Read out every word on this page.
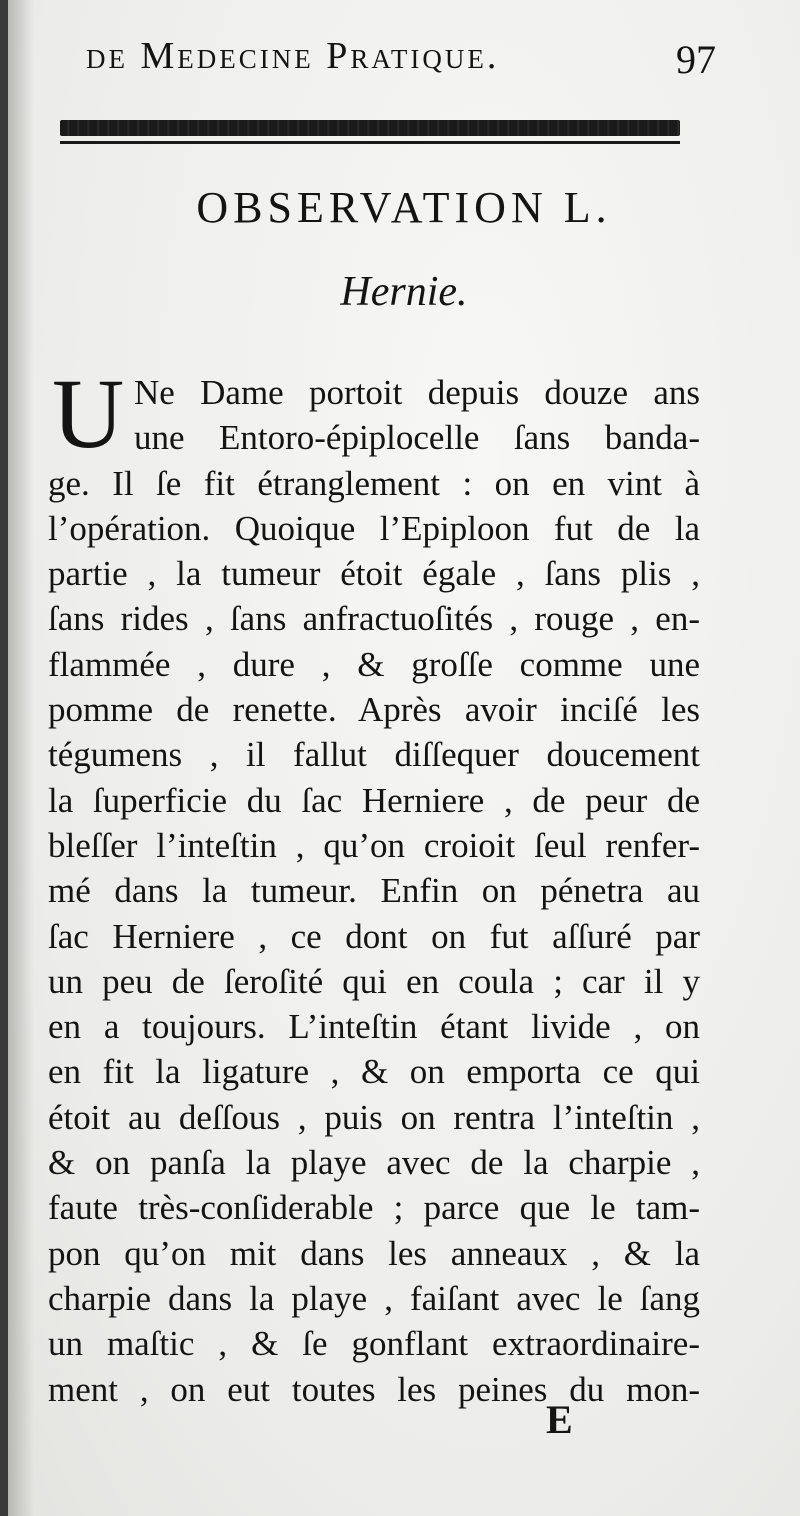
de Medecine Pratique.	97
OBSERVATION L.
Hernie.
U Ne Dame portoit depuis douze ans
une Entoro-épiplocelle ſans banda-
ge. Il ſe fit étranglement : on en vint à
l’opération. Quoique l’Epiploon fut de la
partie , la tumeur étoit égale , ſans plis ,
ſans rides , ſans anfractuoſités , rouge , en-
flammée , dure , & groſſe comme une
pomme de renette. Après avoir inciſé les
tégumens , il fallut diſſequer doucement
la ſuperficie du ſac Herniere , de peur de
bleſſer l’inteſtin , qu’on croioit ſeul renfer-
mé dans la tumeur. Enfin on pénetra au
ſac Herniere , ce dont on fut aſſuré par
un peu de ſeroſité qui en coula ; car il y
en a toujours. L’inteſtin étant livide , on
en fit la ligature , & on emporta ce qui
étoit au deſſous , puis on rentra l’inteſtin ,
& on panſa la playe avec de la charpie ,
faute très-conſiderable ; parce que le tam-
pon qu’on mit dans les anneaux , & la
charpie dans la playe , faiſant avec le ſang
un maſtic , & ſe gonflant extraordinaire-
ment , on eut toutes les peines du mon-
E
